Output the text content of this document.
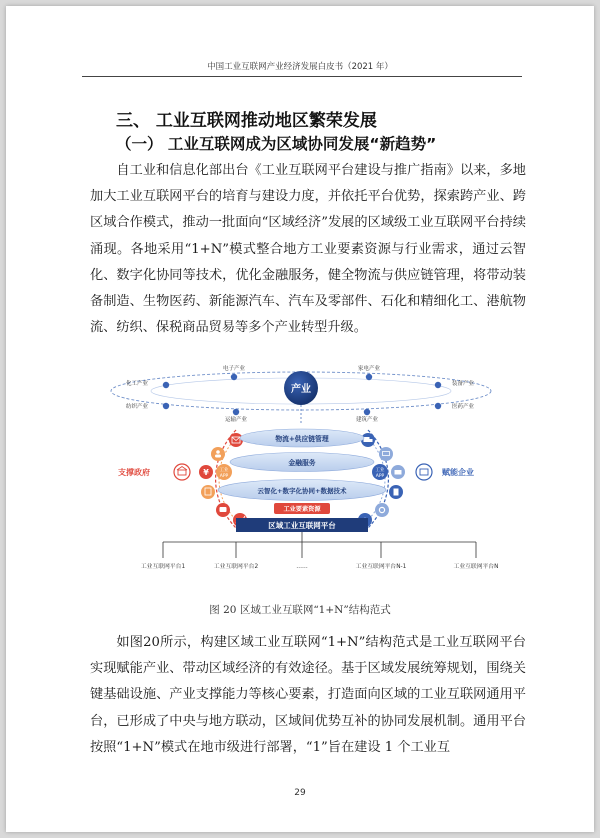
中国工业互联网产业经济发展白皮书（2021 年）
三、 工业互联网推动地区繁荣发展
（一） 工业互联网成为区域协同发展“新趋势”

自工业和信息化部出台《工业互联网平台建设与推广指南》以来，多地加大工业互联网平台的培育与建设力度，并依托平台优势，探索跨产业、跨区域合作模式，推动一批面向“区域经济”发展的区域级工业互联网平台持续涌现。各地采用“1+N”模式整合地方工业要素资源与行业需求，通过云智化、数字化协同等技术，优化金融服务，健全物流与供应链管理，将带动装备制造、生物医药、新能源汽车、汽车及零部件、石化和精细化工、港航物流、纺织、保税商品贸易等多个产业转型升级。

化工产业
电子产业	家电产业
装备产业
纺织产业
运输产业	建筑产业
医药产业
产业
¥ 工业
APP
支撑政府	工业
APP	赋能企业
物流+供应链管理
金融服务
云智化+数字化协同+数据技术
工业要素资源
区域工业互联网平台
工业互联网平台1	工业互联网平台2	……	工业互联网平台N-1	工业互联网平台N
图 20 区域工业互联网“1+N”结构范式

如图20所示，构建区域工业互联网“1+N”结构范式是工业互联网平台实现赋能产业、带动区域经济的有效途径。基于区域发展统筹规划，围绕关键基础设施、产业支撑能力等核心要素，打造面向区域的工业互联网通用平台，已形成了中央与地方联动，区域间优势互补的协同发展机制。通用平台按照“1+N”模式在地市级进行部署，“1”旨在建设 1 个工业互

29
